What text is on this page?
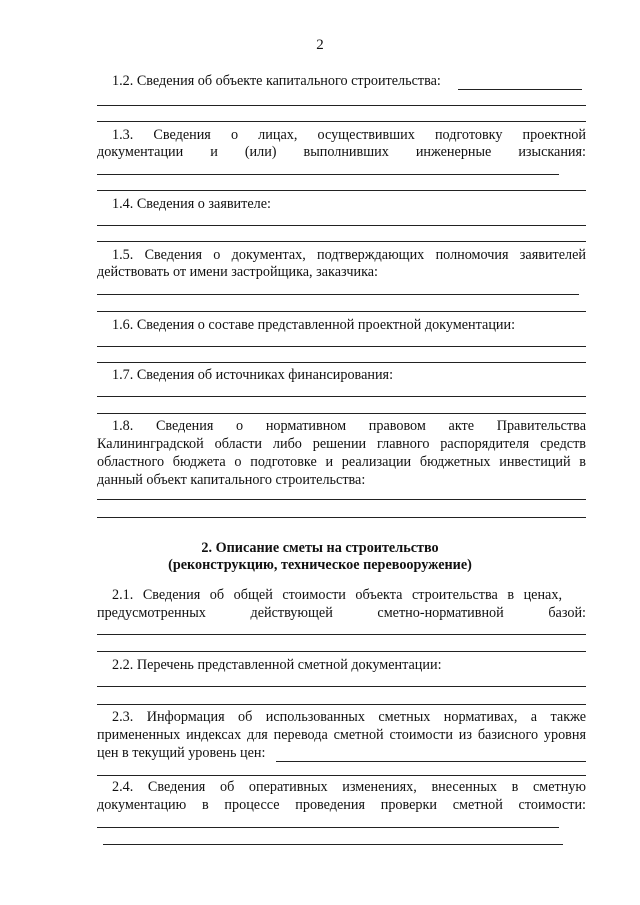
2
1.2. Сведения об объекте капитального строительства:
1.3. Сведения о лицах, осуществивших подготовку проектной
документации и (или) выполнивших инженерные изыскания:
1.4. Сведения о заявителе:
1.5. Сведения о документах, подтверждающих полномочия заявителей
действовать от имени застройщика, заказчика:
1.6. Сведения о составе представленной проектной документации:
1.7. Сведения об источниках финансирования:
1.8. Сведения о нормативном правовом акте Правительства
Калининградской области либо решении главного распорядителя средств
областного бюджета о подготовке и реализации бюджетных инвестиций в
данный объект капитального строительства:
2. Описание сметы на строительство
(реконструкцию, техническое перевооружение)
2.1. Сведения об общей стоимости объекта строительства в ценах,
предусмотренных действующей сметно-нормативной базой:
2.2. Перечень представленной сметной документации:
2.3. Информация об использованных сметных нормативах, а также
примененных индексах для перевода сметной стоимости из базисного уровня
цен в текущий уровень цен:
2.4. Сведения об оперативных изменениях, внесенных в сметную
документацию в процессе проведения проверки сметной стоимости:
